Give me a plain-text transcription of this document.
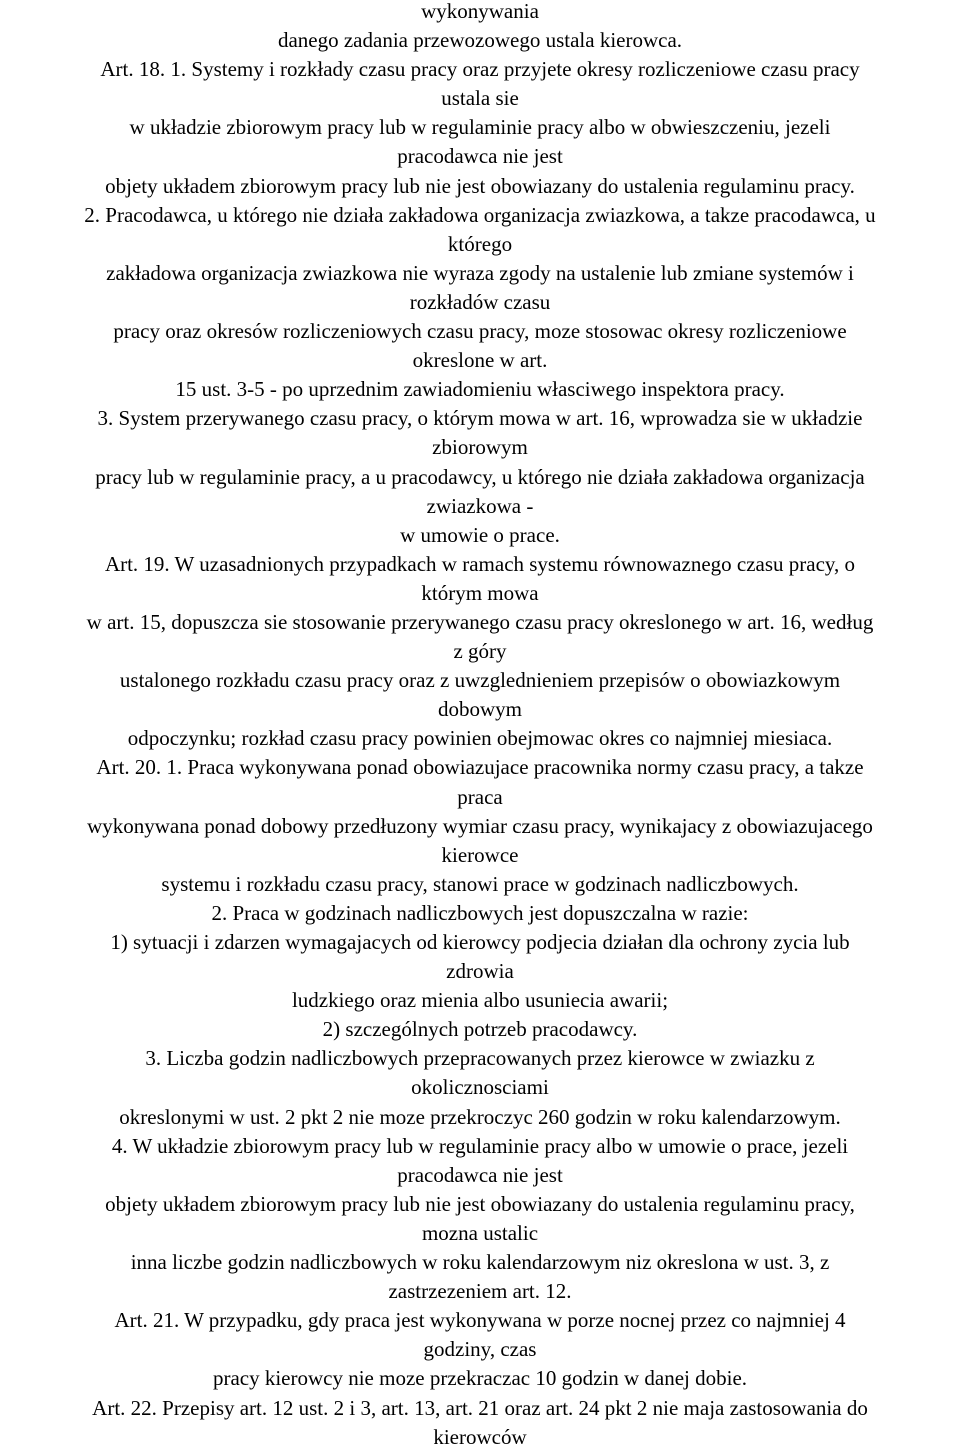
wykonywania
danego zadania przewozowego ustala kierowca.
Art. 18. 1. Systemy i rozkłady czasu pracy oraz przyjete okresy rozliczeniowe czasu pracy
ustala sie
w układzie zbiorowym pracy lub w regulaminie pracy albo w obwieszczeniu, jezeli
pracodawca nie jest
objety układem zbiorowym pracy lub nie jest obowiazany do ustalenia regulaminu pracy.
2. Pracodawca, u którego nie działa zakładowa organizacja zwiazkowa, a takze pracodawca, u
którego
zakładowa organizacja zwiazkowa nie wyraza zgody na ustalenie lub zmiane systemów i
rozkładów czasu
pracy oraz okresów rozliczeniowych czasu pracy, moze stosowac okresy rozliczeniowe
okreslone w art.
15 ust. 3-5 - po uprzednim zawiadomieniu własciwego inspektora pracy.
3. System przerywanego czasu pracy, o którym mowa w art. 16, wprowadza sie w układzie
zbiorowym
pracy lub w regulaminie pracy, a u pracodawcy, u którego nie działa zakładowa organizacja
zwiazkowa -
w umowie o prace.
Art. 19. W uzasadnionych przypadkach w ramach systemu równowaznego czasu pracy, o
którym mowa
w art. 15, dopuszcza sie stosowanie przerywanego czasu pracy okreslonego w art. 16, według
z góry
ustalonego rozkładu czasu pracy oraz z uwzglednieniem przepisów o obowiazkowym
dobowym
odpoczynku; rozkład czasu pracy powinien obejmowac okres co najmniej miesiaca.
Art. 20. 1. Praca wykonywana ponad obowiazujace pracownika normy czasu pracy, a takze
praca
wykonywana ponad dobowy przedłuzony wymiar czasu pracy, wynikajacy z obowiazujacego
kierowce
systemu i rozkładu czasu pracy, stanowi prace w godzinach nadliczbowych.
2. Praca w godzinach nadliczbowych jest dopuszczalna w razie:
1) sytuacji i zdarzen wymagajacych od kierowcy podjecia działan dla ochrony zycia lub
zdrowia
ludzkiego oraz mienia albo usuniecia awarii;
2) szczególnych potrzeb pracodawcy.
3. Liczba godzin nadliczbowych przepracowanych przez kierowce w zwiazku z
okolicznosciami
okreslonymi w ust. 2 pkt 2 nie moze przekroczyc 260 godzin w roku kalendarzowym.
4. W układzie zbiorowym pracy lub w regulaminie pracy albo w umowie o prace, jezeli
pracodawca nie jest
objety układem zbiorowym pracy lub nie jest obowiazany do ustalenia regulaminu pracy,
mozna ustalic
inna liczbe godzin nadliczbowych w roku kalendarzowym niz okreslona w ust. 3, z
zastrzezeniem art. 12.
Art. 21. W przypadku, gdy praca jest wykonywana w porze nocnej przez co najmniej 4
godziny, czas
pracy kierowcy nie moze przekraczac 10 godzin w danej dobie.
Art. 22. Przepisy art. 12 ust. 2 i 3, art. 13, art. 21 oraz art. 24 pkt 2 nie maja zastosowania do
kierowców
